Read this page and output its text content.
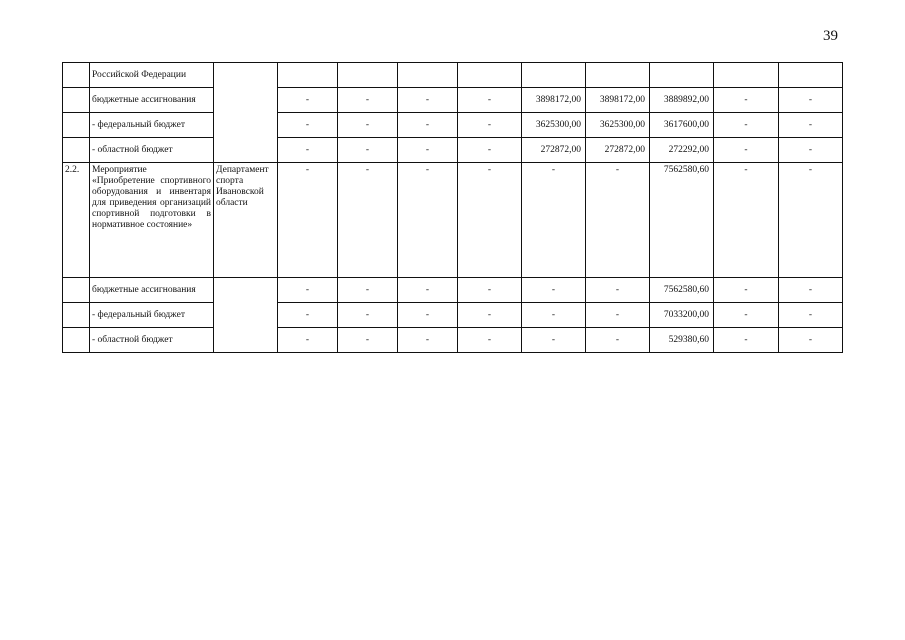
39
	Российской Федерации										
	бюджетные ассигнования		-	-	-	-	3898172,00	3898172,00	3889892,00	-	-
	- федеральный бюджет		-	-	-	-	3625300,00	3625300,00	3617600,00	-	-
	- областной бюджет		-	-	-	-	272872,00	272872,00	272292,00	-	-
2.2.	Мероприятие «Приобретение спортивного оборудования и инвентаря для приведения организаций спортивной подготовки в нормативное состояние»	Департамент спорта Ивановской области	-	-	-	-	-	-	7562580,60	-	-
	бюджетные ассигнования		-	-	-	-	-	-	7562580,60	-	-
	- федеральный бюджет		-	-	-	-	-	-	7033200,00	-	-
	- областной бюджет		-	-	-	-	-	-	529380,60	-	-
